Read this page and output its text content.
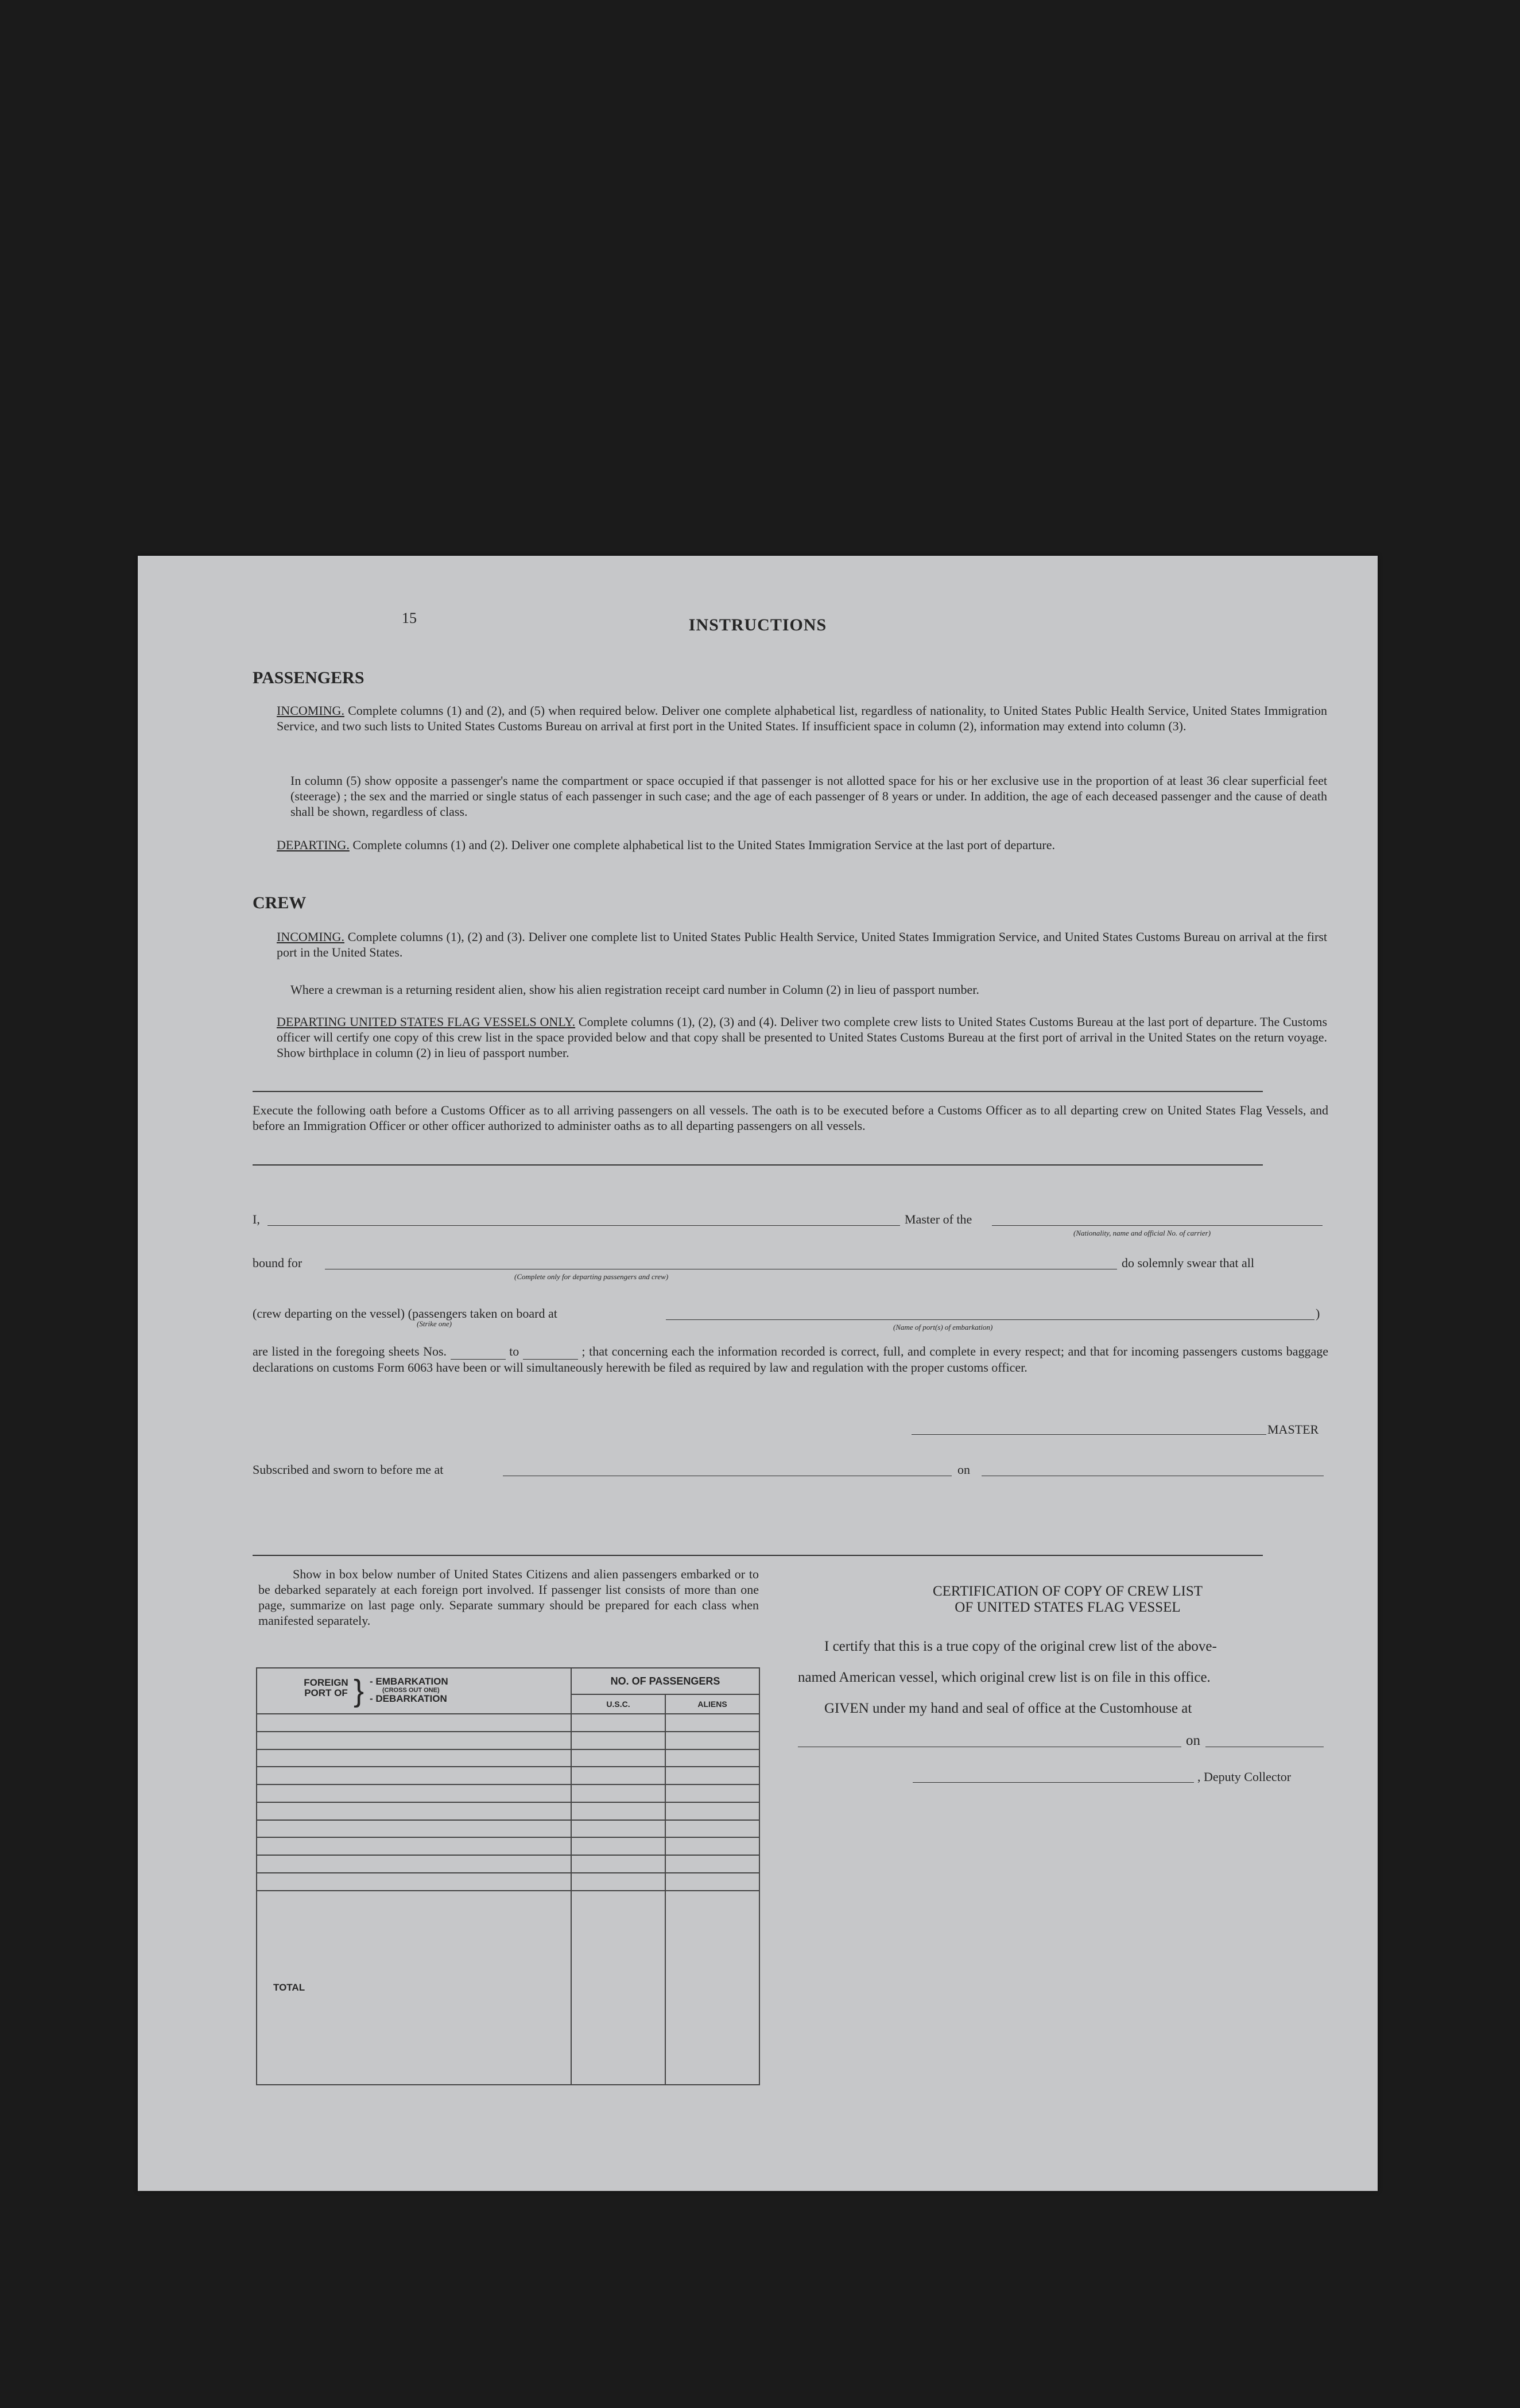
15	INSTRUCTIONS
PASSENGERS
INCOMING. Complete columns (1) and (2), and (5) when required below. Deliver one complete alphabetical list, regardless of nationality, to United States Public Health Service, United States Immigration Service, and two such lists to United States Customs Bureau on arrival at first port in the United States. If insufficient space in column (2), information may extend into column (3).
In column (5) show opposite a passenger's name the compartment or space occupied if that passenger is not allotted space for his or her exclusive use in the proportion of at least 36 clear superficial feet (steerage) ; the sex and the married or single status of each passenger in such case; and the age of each passenger of 8 years or under. In addition, the age of each deceased passenger and the cause of death shall be shown, regardless of class.
DEPARTING. Complete columns (1) and (2). Deliver one complete alphabetical list to the United States Immigration Service at the last port of departure.
CREW
INCOMING. Complete columns (1), (2) and (3). Deliver one complete list to United States Public Health Service, United States Immigration Service, and United States Customs Bureau on arrival at the first port in the United States.
Where a crewman is a returning resident alien, show his alien registration receipt card number in Column (2) in lieu of passport number.
DEPARTING UNITED STATES FLAG VESSELS ONLY. Complete columns (1), (2), (3) and (4). Deliver two complete crew lists to United States Customs Bureau at the last port of departure. The Customs officer will certify one copy of this crew list in the space provided below and that copy shall be presented to United States Customs Bureau at the first port of arrival in the United States on the return voyage. Show birthplace in column (2) in lieu of passport number.
Execute the following oath before a Customs Officer as to all arriving passengers on all vessels. The oath is to be executed before a Customs Officer as to all departing crew on United States Flag Vessels, and before an Immigration Officer or other officer authorized to administer oaths as to all departing passengers on all vessels.
I,	Master of the
(Nationality, name and official No. of carrier)
bound for
(Complete only for departing passengers and crew)
do solemnly swear that all
(crew departing on the vessel) (passengers taken on board at
(Strike one)
)
(Name of port(s) of embarkation)
are listed in the foregoing sheets Nos.	to	; that concerning each the information recorded is correct, full, and complete in every respect; and that for incoming passengers customs baggage declarations on customs Form 6063 have been or will simultaneously herewith be filed as required by law and regulation with the proper customs officer.
MASTER
Subscribed and sworn to before me at	on
Show in box below number of United States Citizens and alien passengers embarked or to be debarked separately at each foreign port involved. If passenger list consists of more than one page, summarize on last page only. Separate summary should be prepared for each class when manifested separately.
FOREIGN PORT OF } - EMBARKATION
(CROSS OUT ONE)
- DEBARKATION	NO. OF PASSENGERS	
	U.S.C.	ALIENS

TOTAL		
CERTIFICATION OF COPY OF CREW LIST
OF UNITED STATES FLAG VESSEL
I certify that this is a true copy of the original crew list of the above-
named American vessel, which original crew list is on file in this office.
GIVEN under my hand and seal of office at the Customhouse at
on
, Deputy Collector
